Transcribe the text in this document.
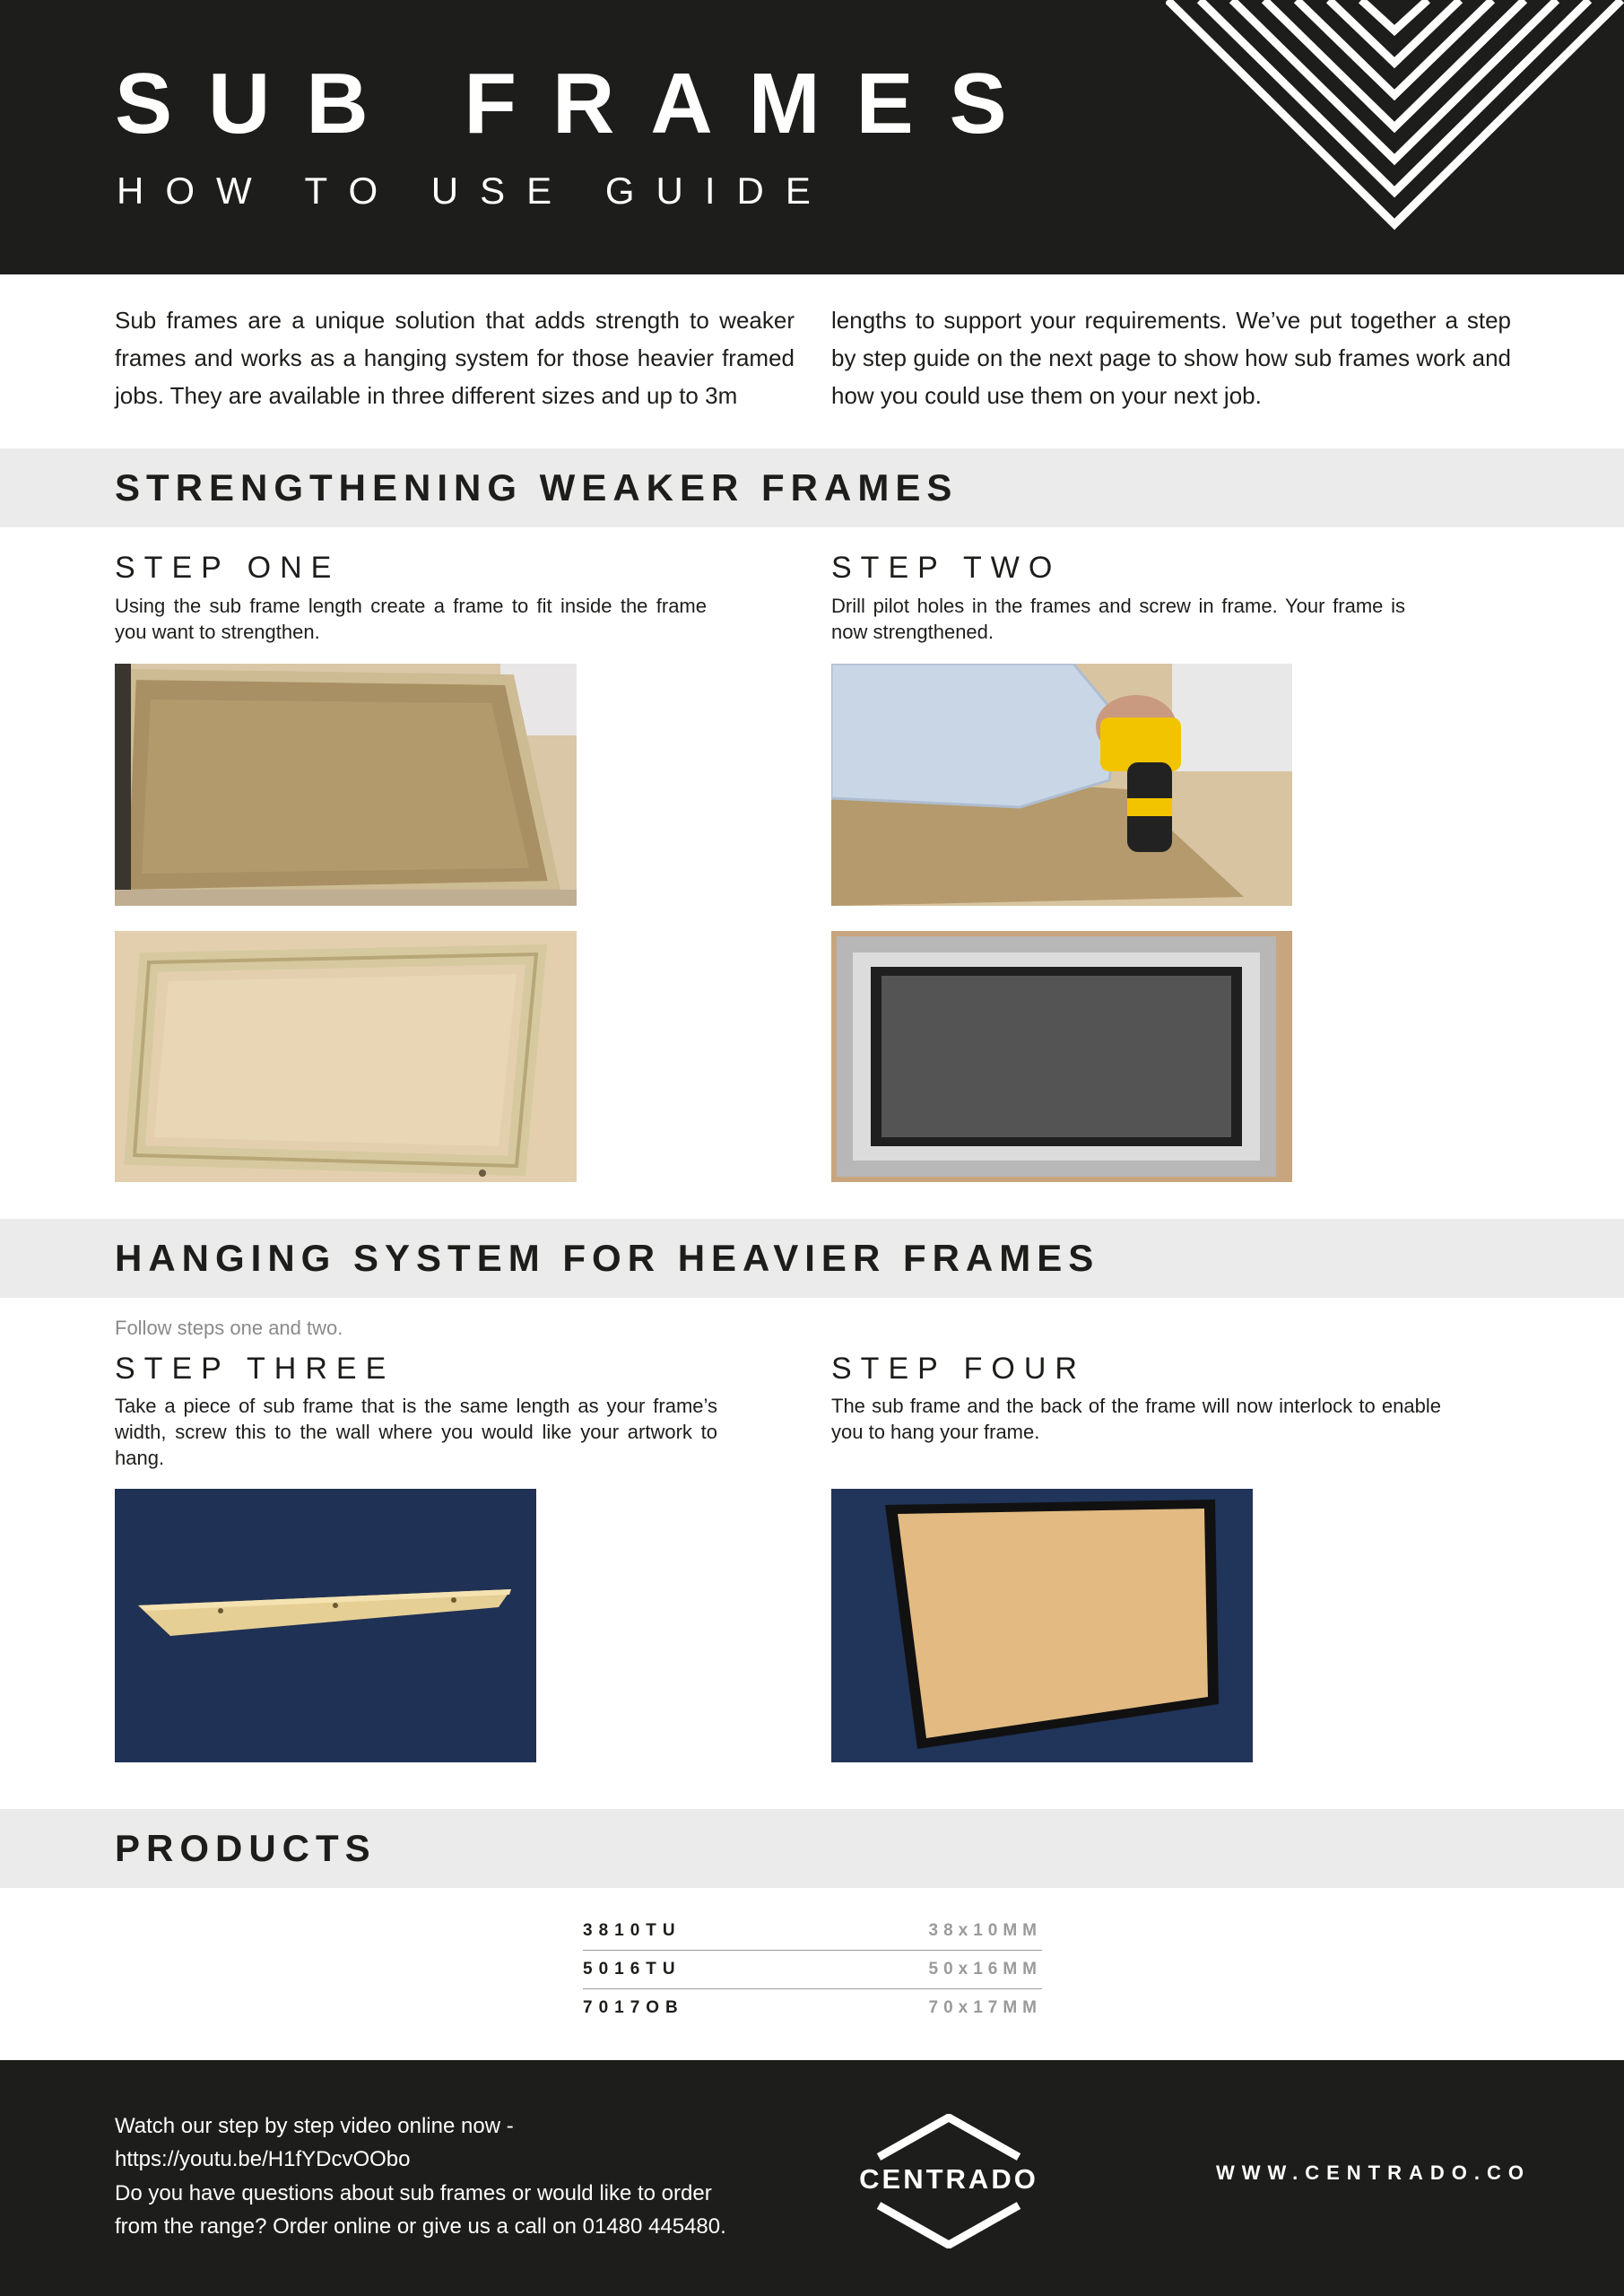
SUB FRAMES
HOW TO USE GUIDE

Sub frames are a unique solution that adds strength to weaker frames and works as a hanging system for those heavier framed jobs. They are available in three different sizes and up to 3m

lengths to support your requirements. We’ve put together a step by step guide on the next page to show how sub frames work and how you could use them on your next job.

STRENGTHENING WEAKER FRAMES
STEP ONE

Using the sub frame length create a frame to fit inside the frame you want to strengthen.

STEP TWO

Drill pilot holes in the frames and screw in frame. Your frame is now strengthened.

HANGING SYSTEM FOR HEAVIER FRAMES

Follow steps one and two.

STEP THREE

Take a piece of sub frame that is the same length as your frame’s width, screw this to the wall where you would like your artwork to hang.

STEP FOUR

The sub frame and the back of the frame will now interlock to enable you to hang your frame.

PRODUCTS
3810TU	38x10MM
5016TU	50x16MM
7017OB	70x17MM

Watch our step by step video online now -

https://youtu.be/H1fYDcvOObo

Do you have questions about sub frames or would like to order

from the range? Order online or give us a call on 01480 445480.

CENTRADO	WWW.CENTRADO.CO
